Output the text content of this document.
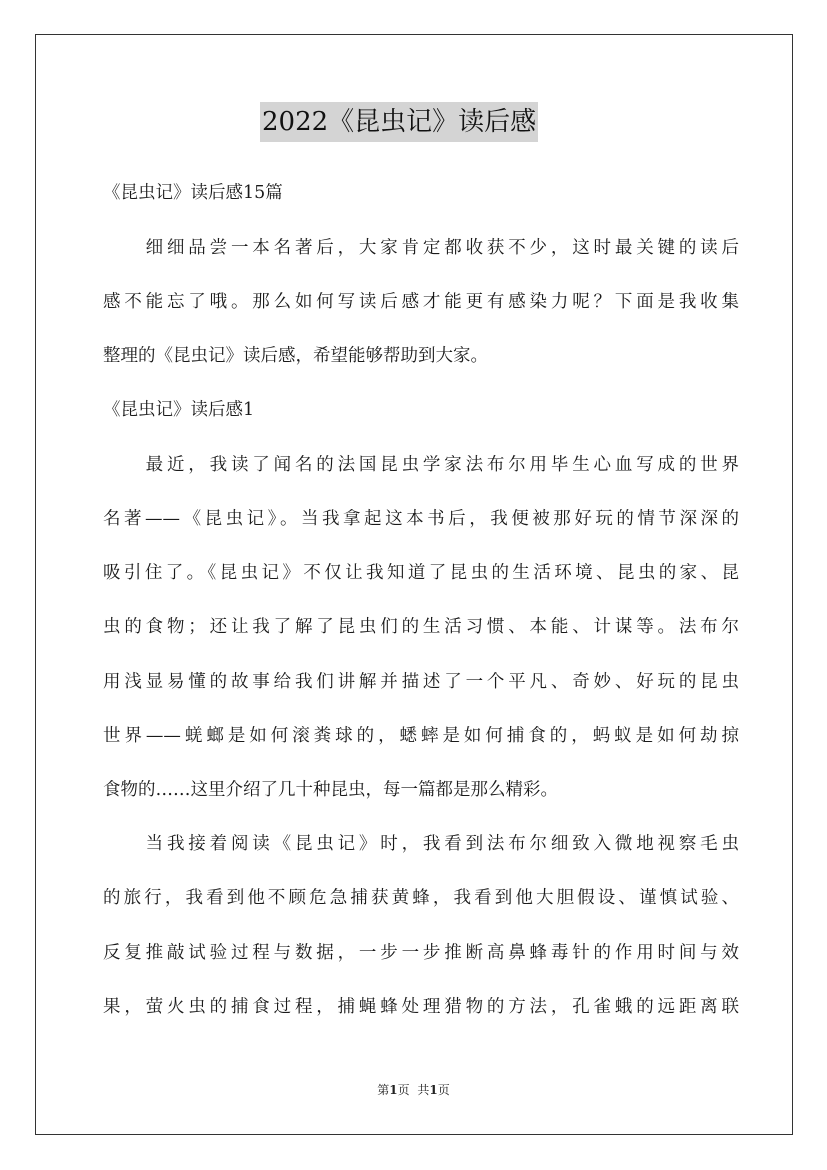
2022《昆虫记》读后感
《昆虫记》读后感15篇
　　细细品尝一本名著后，大家肯定都收获不少，这时最关键的读后
感不能忘了哦。那么如何写读后感才能更有感染力呢？下面是我收集
整理的《昆虫记》读后感，希望能够帮助到大家。
《昆虫记》读后感1
　　最近，我读了闻名的法国昆虫学家法布尔用毕生心血写成的世界
名著——《昆虫记》。当我拿起这本书后，我便被那好玩的情节深深的
吸引住了。《昆虫记》不仅让我知道了昆虫的生活环境、昆虫的家、昆
虫的食物；还让我了解了昆虫们的生活习惯、本能、计谋等。法布尔
用浅显易懂的故事给我们讲解并描述了一个平凡、奇妙、好玩的昆虫
世界——蜣螂是如何滚粪球的，蟋蟀是如何捕食的，蚂蚁是如何劫掠
食物的……这里介绍了几十种昆虫，每一篇都是那么精彩。
　　当我接着阅读《昆虫记》时，我看到法布尔细致入微地视察毛虫
的旅行，我看到他不顾危急捕获黄蜂，我看到他大胆假设、谨慎试验、
反复推敲试验过程与数据，一步一步推断高鼻蜂毒针的作用时间与效
果，萤火虫的捕食过程，捕蝇蜂处理猎物的方法，孔雀蛾的远距离联
第1页 共1页
